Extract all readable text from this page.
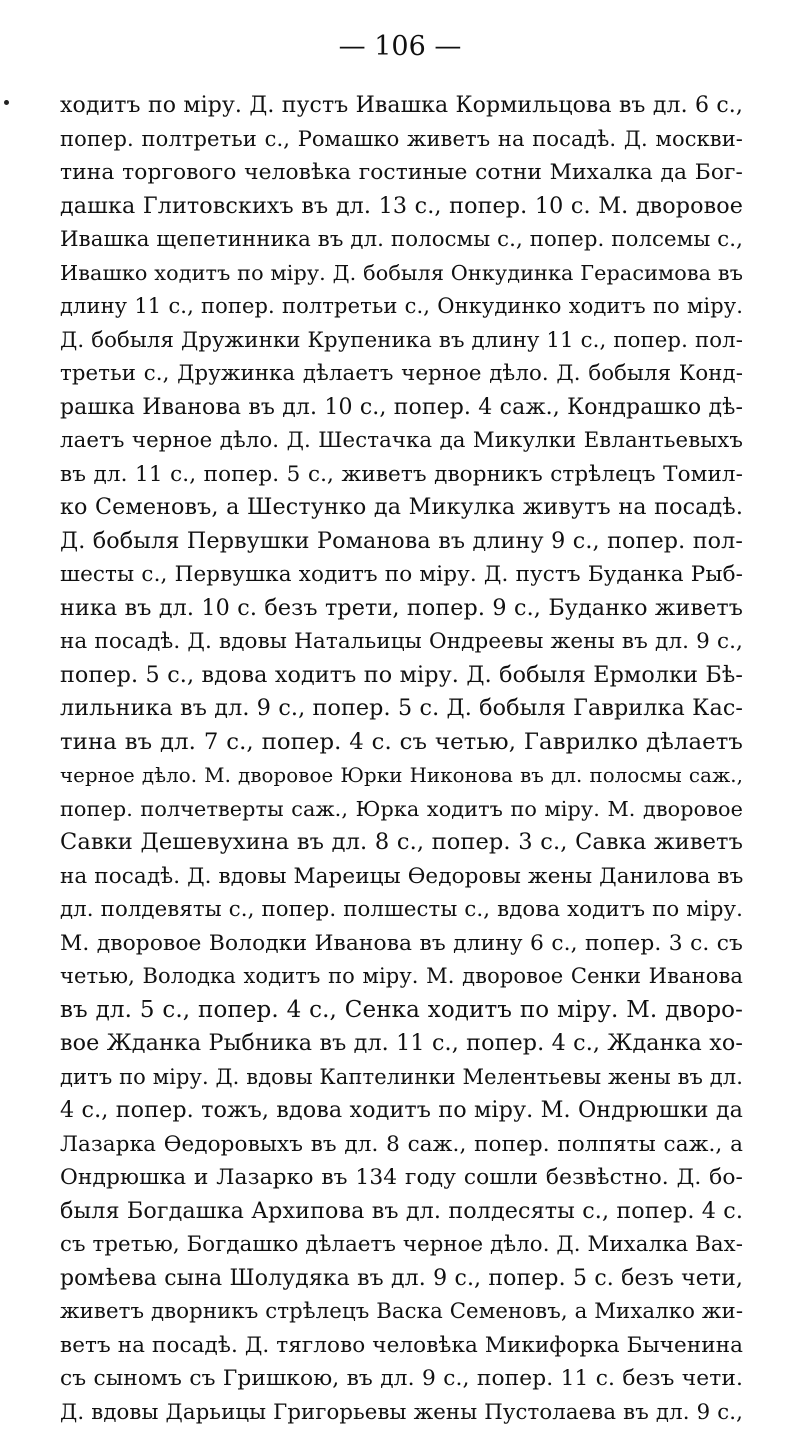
— 106 —
ходитъ по міру. Д. пустъ Ивашка Кормильцова въ дл. 6 с.,
попер. полтретьи с., Ромашко живетъ на посадѣ. Д. москви-
тина торгового человѣка гостиные сотни Михалка да Бог-
дашка Глитовскихъ въ дл. 13 с., попер. 10 с. М. дворовое
Ивашка щепетинника въ дл. полосмы с., попер. полсемы с.,
Ивашко ходитъ по міру. Д. бобыля Онкудинка Герасимова въ
длину 11 с., попер. полтретьи с., Онкудинко ходитъ по міру.
Д. бобыля Дружинки Крупеника въ длину 11 с., попер. пол-
третьи с., Дружинка дѣлаетъ черное дѣло. Д. бобыля Конд-
рашка Иванова въ дл. 10 с., попер. 4 саж., Кондрашко дѣ-
лаетъ черное дѣло. Д. Шестачка да Микулки Евлантьевыхъ
въ дл. 11 с., попер. 5 с., живетъ дворникъ стрѣлецъ Томил-
ко Семеновъ, а Шестунко да Микулка живутъ на посадѣ.
Д. бобыля Первушки Романова въ длину 9 с., попер. пол-
шесты с., Первушка ходитъ по міру. Д. пустъ Буданка Рыб-
ника въ дл. 10 с. безъ трети, попер. 9 с., Буданко живетъ
на посадѣ. Д. вдовы Натальицы Ондреевы жены въ дл. 9 с.,
попер. 5 с., вдова ходитъ по міру. Д. бобыля Ермолки Бѣ-
лильника въ дл. 9 с., попер. 5 с. Д. бобыля Гаврилка Кас-
тина въ дл. 7 с., попер. 4 с. съ четью, Гаврилко дѣлаетъ
черное дѣло. М. дворовое Юрки Никонова въ дл. полосмы саж.,
попер. полчетверты саж., Юрка ходитъ по міру. М. дворовое
Савки Дешевухина въ дл. 8 с., попер. 3 с., Савка живетъ
на посадѣ. Д. вдовы Мареицы Ѳедоровы жены Данилова въ
дл. полдевяты с., попер. полшесты с., вдова ходитъ по міру.
М. дворовое Володки Иванова въ длину 6 с., попер. 3 с. съ
четью, Володка ходитъ по міру. М. дворовое Сенки Иванова
въ дл. 5 с., попер. 4 с., Сенка ходитъ по міру. М. дворо-
вое Жданка Рыбника въ дл. 11 с., попер. 4 с., Жданка хо-
дитъ по міру. Д. вдовы Каптелинки Мелентьевы жены въ дл.
4 с., попер. тожъ, вдова ходитъ по міру. М. Ондрюшки да
Лазарка Ѳедоровыхъ въ дл. 8 саж., попер. полпяты саж., а
Ондрюшка и Лазарко въ 134 году сошли безвѣстно. Д. бо-
быля Богдашка Архипова въ дл. полдесяты с., попер. 4 с.
съ третью, Богдашко дѣлаетъ черное дѣло. Д. Михалка Вах-
ромѣева сына Шолудяка въ дл. 9 с., попер. 5 с. безъ чети,
живетъ дворникъ стрѣлецъ Васка Семеновъ, а Михалко жи-
ветъ на посадѣ. Д. тяглово человѣка Микифорка Быченина
съ сыномъ съ Гришкою, въ дл. 9 с., попер. 11 с. безъ чети.
Д. вдовы Дарьицы Григорьевы жены Пустолаева въ дл. 9 с.,
